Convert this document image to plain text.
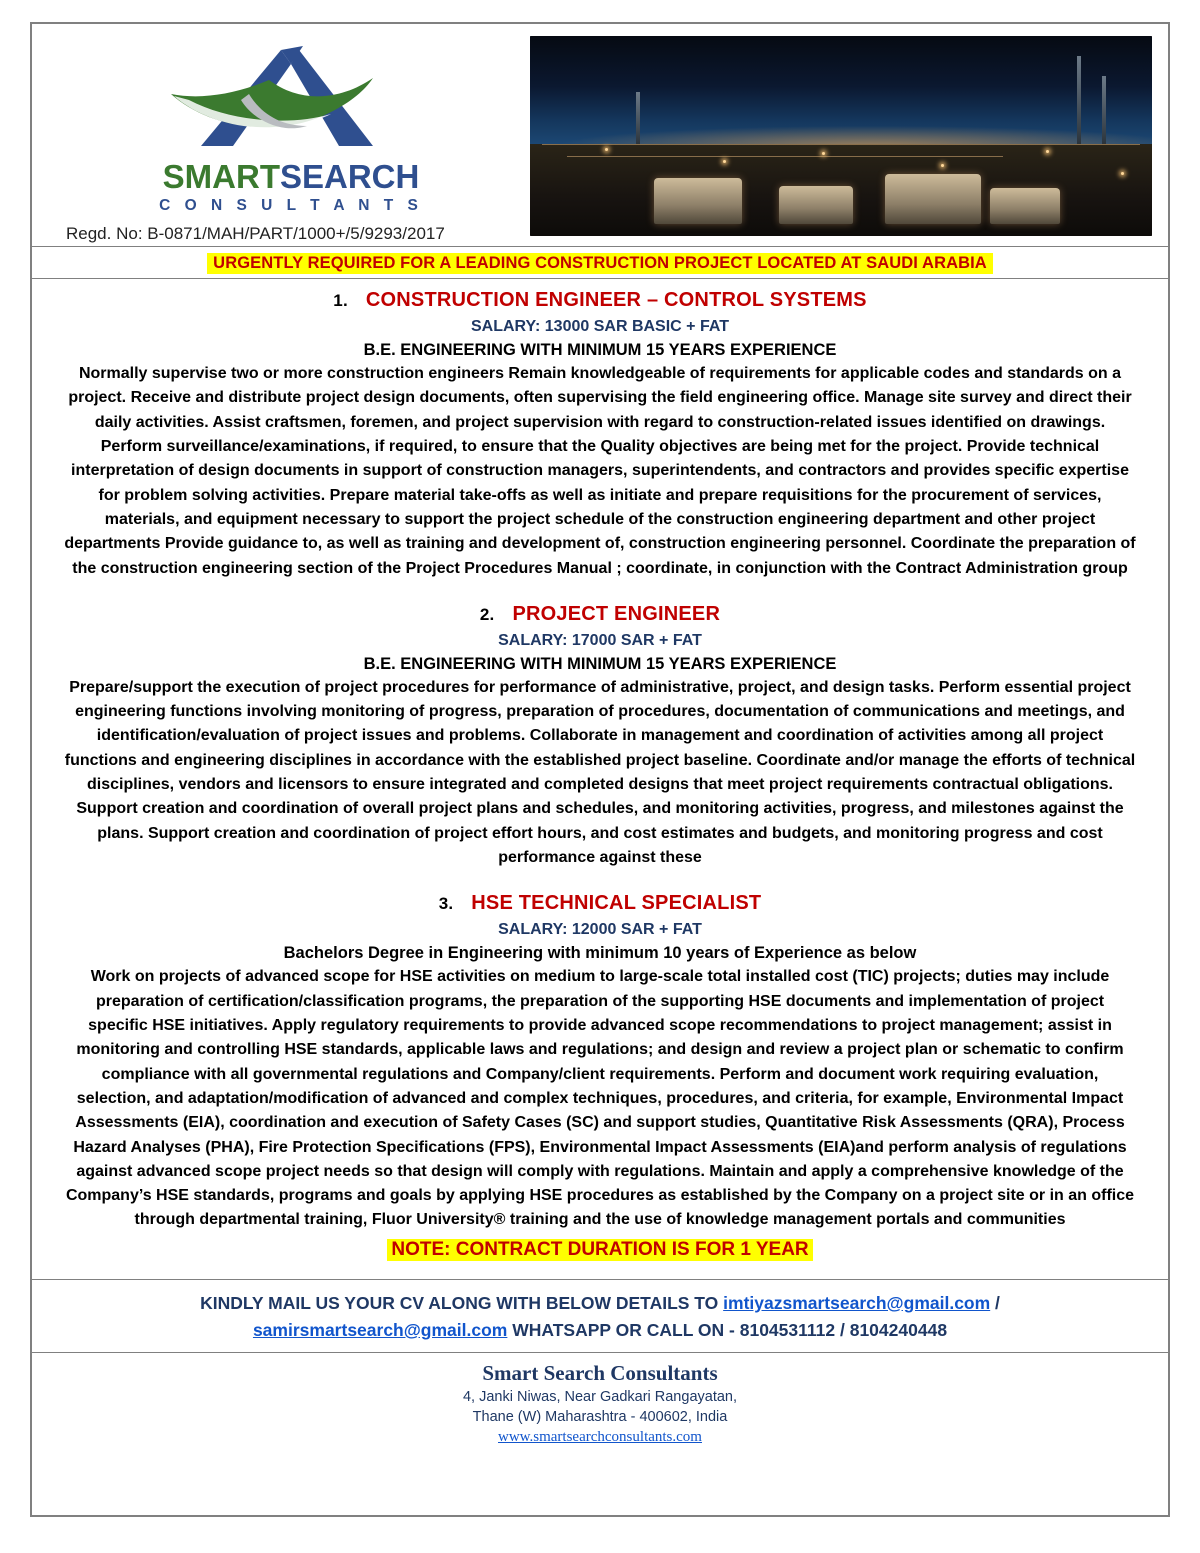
SMARTSEARCH
C O N S U L T A N T S
Regd. No: B-0871/MAH/PART/1000+/5/9293/2017
URGENTLY REQUIRED FOR A LEADING CONSTRUCTION PROJECT LOCATED AT SAUDI ARABIA
1. CONSTRUCTION ENGINEER – CONTROL SYSTEMS
SALARY: 13000 SAR BASIC + FAT
B.E. ENGINEERING WITH MINIMUM 15 YEARS EXPERIENCE
Normally supervise two or more construction engineers Remain knowledgeable of requirements for applicable codes and standards on a project. Receive and distribute project design documents, often supervising the field engineering office. Manage site survey and direct their daily activities. Assist craftsmen, foremen, and project supervision with regard to construction-related issues identified on drawings. Perform surveillance/examinations, if required, to ensure that the Quality objectives are being met for the project. Provide technical interpretation of design documents in support of construction managers, superintendents, and contractors and provides specific expertise for problem solving activities. Prepare material take-offs as well as initiate and prepare requisitions for the procurement of services, materials, and equipment necessary to support the project schedule of the construction engineering department and other project departments Provide guidance to, as well as training and development of, construction engineering personnel. Coordinate the preparation of the construction engineering section of the Project Procedures Manual ; coordinate, in conjunction with the Contract Administration group
2. PROJECT ENGINEER
SALARY: 17000 SAR + FAT
B.E. ENGINEERING WITH MINIMUM 15 YEARS EXPERIENCE
Prepare/support the execution of project procedures for performance of administrative, project, and design tasks. Perform essential project engineering functions involving monitoring of progress, preparation of procedures, documentation of communications and meetings, and identification/evaluation of project issues and problems. Collaborate in management and coordination of activities among all project functions and engineering disciplines in accordance with the established project baseline. Coordinate and/or manage the efforts of technical disciplines, vendors and licensors to ensure integrated and completed designs that meet project requirements contractual obligations. Support creation and coordination of overall project plans and schedules, and monitoring activities, progress, and milestones against the plans. Support creation and coordination of project effort hours, and cost estimates and budgets, and monitoring progress and cost performance against these
3. HSE TECHNICAL SPECIALIST
SALARY: 12000 SAR + FAT
Bachelors Degree in Engineering with minimum 10 years of Experience as below
Work on projects of advanced scope for HSE activities on medium to large-scale total installed cost (TIC) projects; duties may include preparation of certification/classification programs, the preparation of the supporting HSE documents and implementation of project specific HSE initiatives. Apply regulatory requirements to provide advanced scope recommendations to project management; assist in monitoring and controlling HSE standards, applicable laws and regulations; and design and review a project plan or schematic to confirm compliance with all governmental regulations and Company/client requirements. Perform and document work requiring evaluation, selection, and adaptation/modification of advanced and complex techniques, procedures, and criteria, for example, Environmental Impact Assessments (EIA), coordination and execution of Safety Cases (SC) and support studies, Quantitative Risk Assessments (QRA), Process Hazard Analyses (PHA), Fire Protection Specifications (FPS), Environmental Impact Assessments (EIA)and perform analysis of regulations against advanced scope project needs so that design will comply with regulations. Maintain and apply a comprehensive knowledge of the Company’s HSE standards, programs and goals by applying HSE procedures as established by the Company on a project site or in an office through departmental training, Fluor University® training and the use of knowledge management portals and communities
NOTE: CONTRACT DURATION IS FOR 1 YEAR
KINDLY MAIL US YOUR CV ALONG WITH BELOW DETAILS TO imtiyazsmartsearch@gmail.com / samirsmartsearch@gmail.com WHATSAPP OR CALL ON - 8104531112 / 8104240448
Smart Search Consultants
4, Janki Niwas, Near Gadkari Rangayatan,
Thane (W) Maharashtra - 400602, India
www.smartsearchconsultants.com
